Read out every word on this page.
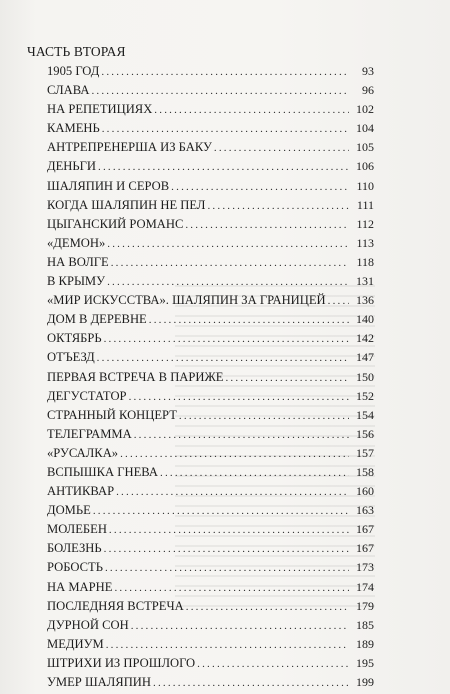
ЧАСТЬ ВТОРАЯ
1905 ГОД .....	93
СЛАВА .....	96
НА РЕПЕТИЦИЯХ .....	102
КАМЕНЬ .....	104
АНТРЕПРЕНЕРША ИЗ БАКУ .....	105
ДЕНЬГИ .....	106
ШАЛЯПИН И СЕРОВ .....	110
КОГДА ШАЛЯПИН НЕ ПЕЛ .....	111
ЦЫГАНСКИЙ РОМАНС .....	112
«ДЕМОН» .....	113
НА ВОЛГЕ .....	118
В КРЫМУ .....	131
«МИР ИСКУССТВА». ШАЛЯПИН ЗА ГРАНИЦЕЙ .....	136
ДОМ В ДЕРЕВНЕ .....	140
ОКТЯБРЬ .....	142
ОТЪЕЗД .....	147
ПЕРВАЯ ВСТРЕЧА В ПАРИЖЕ .....	150
ДЕГУСТАТОР .....	152
СТРАННЫЙ КОНЦЕРТ .....	154
ТЕЛЕГРАММА .....	156
«РУСАЛКА» .....	157
ВСПЫШКА ГНЕВА .....	158
АНТИКВАР .....	160
ДОМЬЕ .....	163
МОЛЕБЕН .....	167
БОЛЕЗНЬ .....	167
РОБОСТЬ .....	173
НА МАРНЕ .....	174
ПОСЛЕДНЯЯ ВСТРЕЧА .....	179
ДУРНОЙ СОН .....	185
МЕДИУМ .....	189
ШТРИХИ ИЗ ПРОШЛОГО .....	195
УМЕР ШАЛЯПИН .....	199
